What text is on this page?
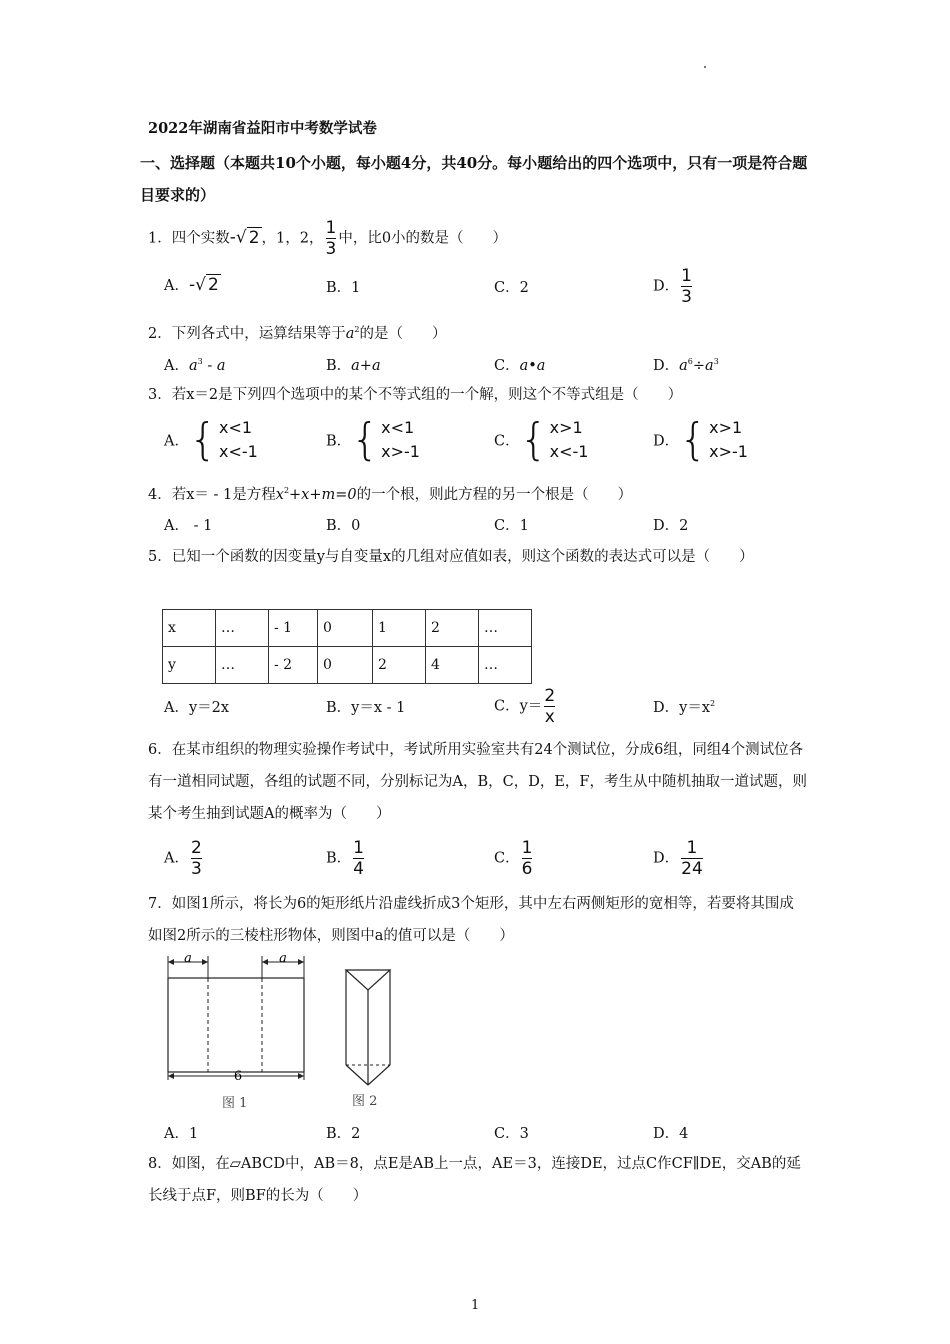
2022年湖南省益阳市中考数学试卷
一、选择题（本题共10个小题，每小题4分，共40分。每小题给出的四个选项中，只有一项是符合题目要求的）
1．四个实数-√ 2 ，1，2， $\frac{1}{3}$ 中，比0小的数是（　　）
A．-√ 2	B．1	C．2	D． $\frac{1}{3}$
2．下列各式中，运算结果等于$a^2$的是（　　）
A．$a^3$ - a	B．a+a	C．a•a	D．$a^6\div a^3$
3．若x＝2是下列四个选项中的某个不等式组的一个解，则这个不等式组是（　　）
A． { x<1
x<-1
B． { x<1
x>-1
C． { x>1
x<-1
D． { x>1
x>-1
4．若x＝ - 1是方程$x^2+x+m=0$的一个根，则此方程的另一个根是（　　）
A． - 1	B．0	C．1	D．2
5．已知一个函数的因变量y与自变量x的几组对应值如表，则这个函数的表达式可以是（　　）
x	…	- 1	0	1	2	…
y	…	- 2	0	2	4	…
A．y＝2x	B．y＝x - 1	C．$y= \frac{2}{x}$	D．$y=x^2$
6．在某市组织的物理实验操作考试中，考试所用实验室共有24个测试位，分成6组，同组4个测试位各有一道相同试题，各组的试题不同，分别标记为A，B，C，D，E，F，考生从中随机抽取一道试题，则某个考生抽到试题A的概率为（　　）
A． $\frac{2}{3}$	B． $\frac{1}{4}$	C． $\frac{1}{6}$	D． $\frac{1}{24}$
7．如图1所示，将长为6的矩形纸片沿虚线折成3个矩形，其中左右两侧矩形的宽相等，若要将其围成如图2所示的三棱柱形物体，则图中a的值可以是（　　）
a	a
6
图 1	图 2
A．1	B．2	C．3	D．4
8．如图，在▱ABCD中，AB＝8，点E是AB上一点，AE＝3，连接DE，过点C作CF∥DE，交AB的延长线于点F，则BF的长为（　　）
1
